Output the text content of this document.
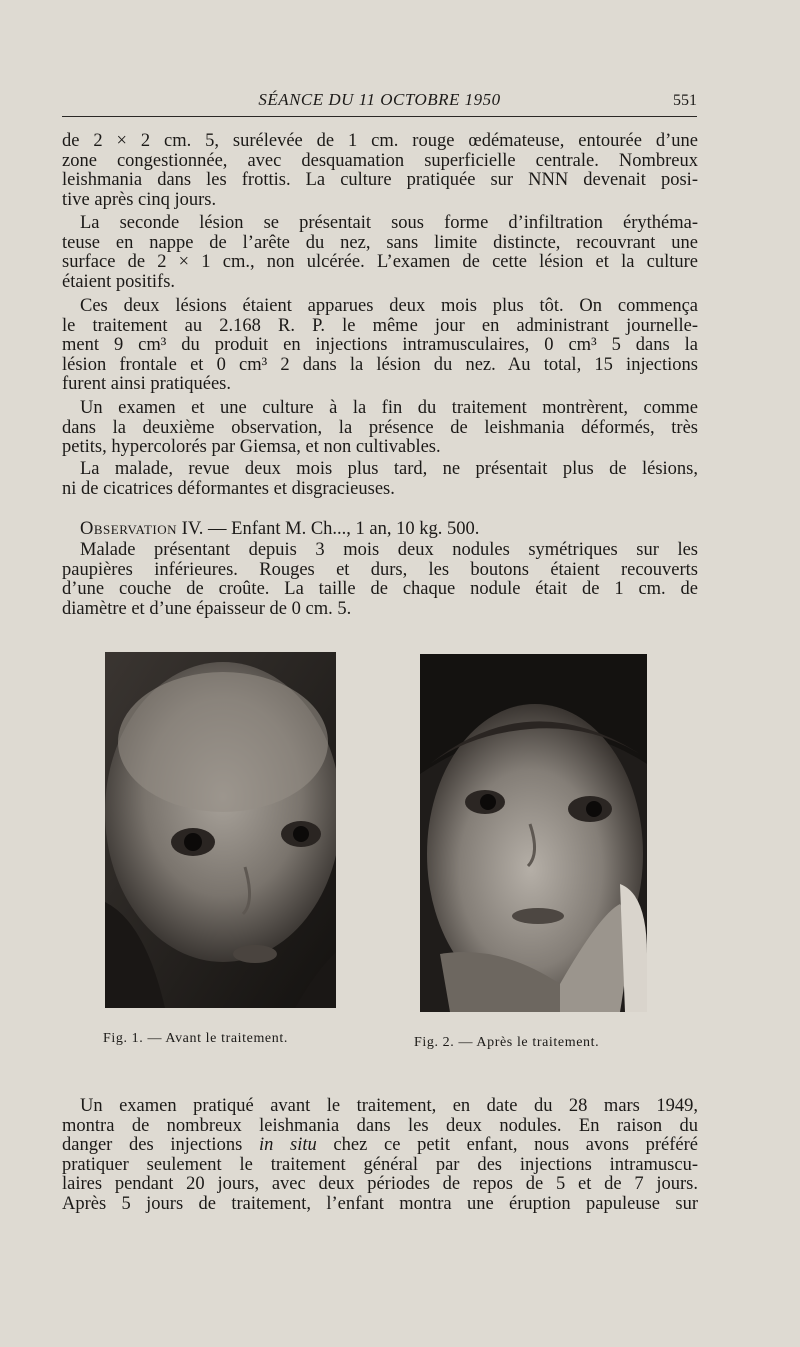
SÉANCE DU 11 OCTOBRE 1950	551
de 2 × 2 cm. 5, surélevée de 1 cm. rouge œdémateuse, entourée d’une
zone congestionnée, avec desquamation superficielle centrale. Nombreux
leishmania dans les frottis. La culture pratiquée sur NNN devenait posi-
tive après cinq jours.
La seconde lésion se présentait sous forme d’infiltration érythéma-
teuse en nappe de l’arête du nez, sans limite distincte, recouvrant une
surface de 2 × 1 cm., non ulcérée. L’examen de cette lésion et la culture
étaient positifs.
Ces deux lésions étaient apparues deux mois plus tôt. On commença
le traitement au 2.168 R. P. le même jour en administrant journelle-
ment 9 cm³ du produit en injections intramusculaires, 0 cm³ 5 dans la
lésion frontale et 0 cm³ 2 dans la lésion du nez. Au total, 15 injections
furent ainsi pratiquées.
Un examen et une culture à la fin du traitement montrèrent, comme
dans la deuxième observation, la présence de leishmania déformés, très
petits, hypercolorés par Giemsa, et non cultivables.
La malade, revue deux mois plus tard, ne présentait plus de lésions,
ni de cicatrices déformantes et disgracieuses.
Observation IV. — Enfant M. Ch..., 1 an, 10 kg. 500.
Malade présentant depuis 3 mois deux nodules symétriques sur les
paupières inférieures. Rouges et durs, les boutons étaient recouverts
d’une couche de croûte. La taille de chaque nodule était de 1 cm. de
diamètre et d’une épaisseur de 0 cm. 5.
Fig. 1. — Avant le traitement.	Fig. 2. — Après le traitement.
Un examen pratiqué avant le traitement, en date du 28 mars 1949,
montra de nombreux leishmania dans les deux nodules. En raison du
danger des injections in situ chez ce petit enfant, nous avons préféré
pratiquer seulement le traitement général par des injections intramuscu-
laires pendant 20 jours, avec deux périodes de repos de 5 et de 7 jours.
Après 5 jours de traitement, l’enfant montra une éruption papuleuse sur
